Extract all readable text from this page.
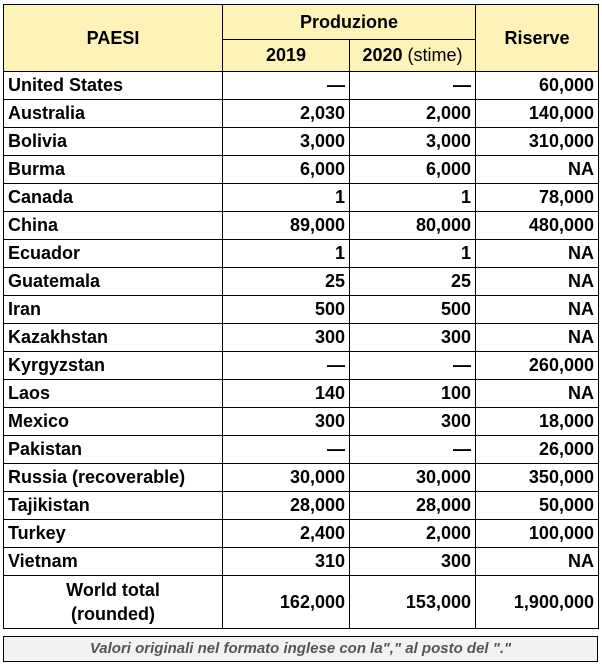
PAESI	Produzione		Riserve
	2019	2020 (stime)	
United States	—	—	60,000
Australia	2,030	2,000	140,000
Bolivia	3,000	3,000	310,000
Burma	6,000	6,000	NA
Canada	1	1	78,000
China	89,000	80,000	480,000
Ecuador	1	1	NA
Guatemala	25	25	NA
Iran	500	500	NA
Kazakhstan	300	300	NA
Kyrgyzstan	—	—	260,000
Laos	140	100	NA
Mexico	300	300	18,000
Pakistan	—	—	26,000
Russia (recoverable)	30,000	30,000	350,000
Tajikistan	28,000	28,000	50,000
Turkey	2,400	2,000	100,000
Vietnam	310	300	NA
World total
(rounded)	162,000	153,000	1,900,000
Valori originali nel formato inglese con la"," al posto del "."
